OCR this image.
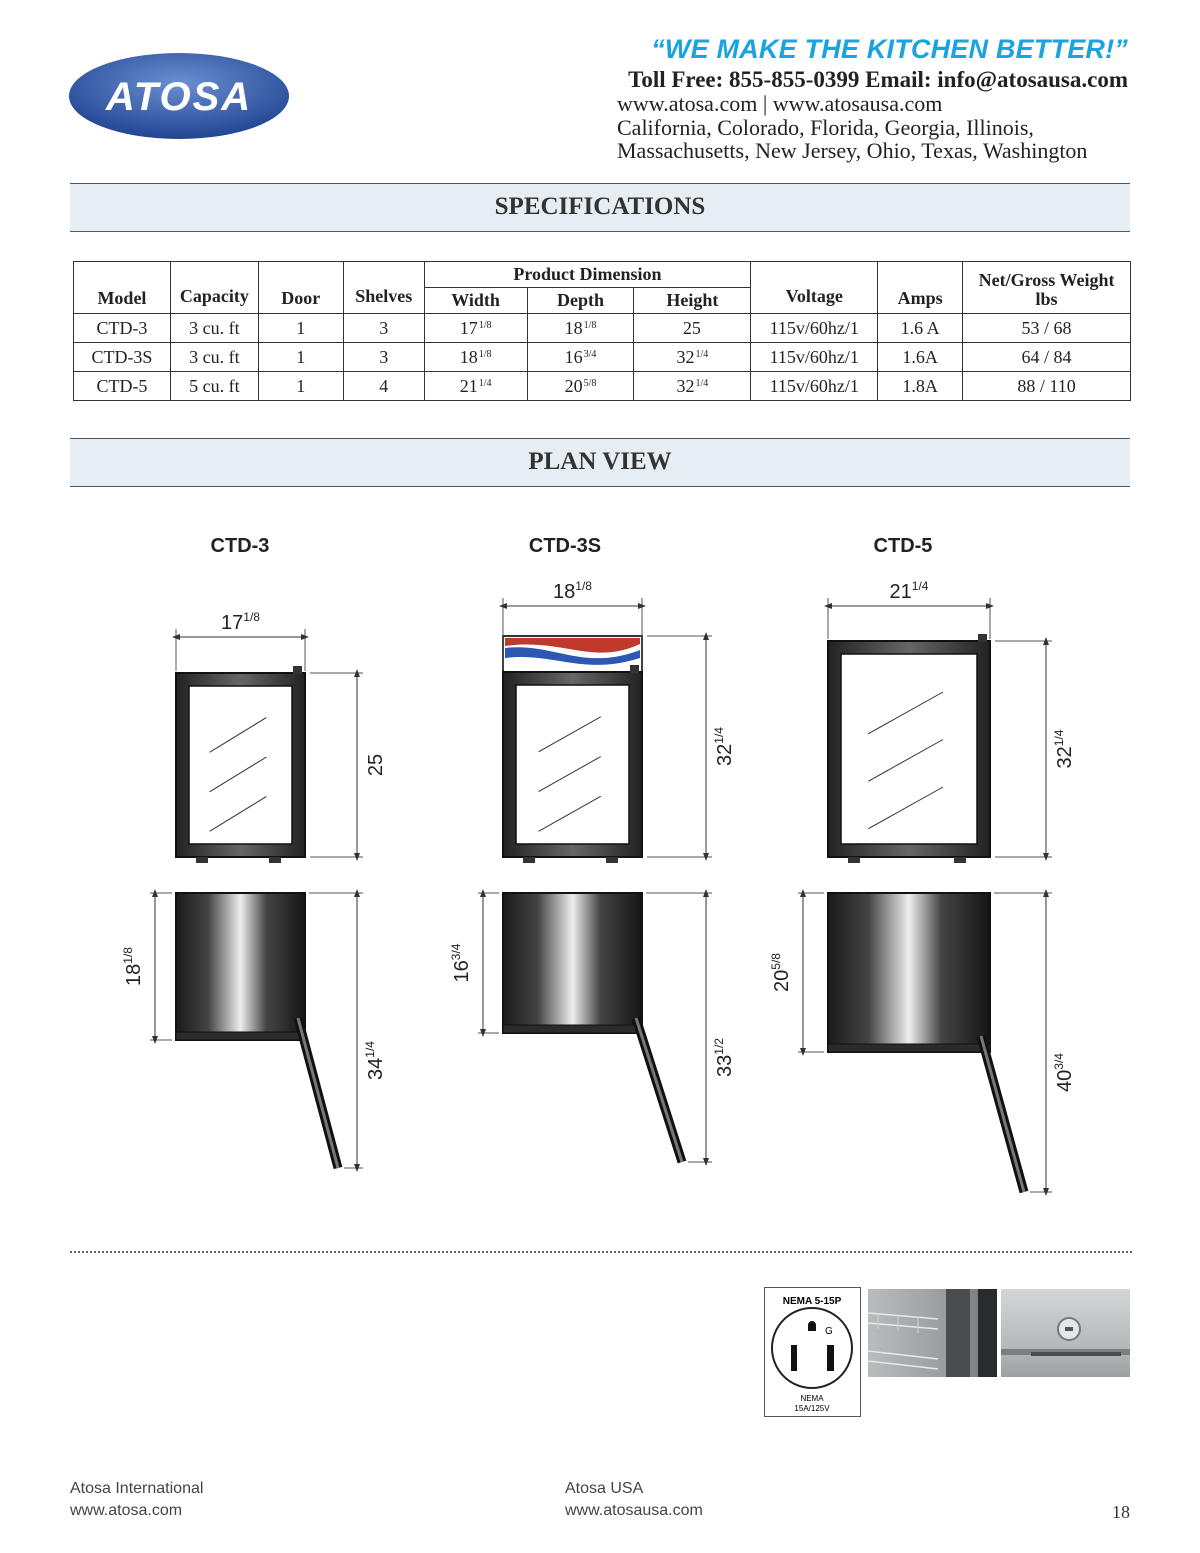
ATOSA
“WE MAKE THE KITCHEN BETTER!”
Toll Free: 855-855-0399 Email: info@atosausa.com
www.atosa.com | www.atosausa.com
California, Colorado, Florida, Georgia, Illinois,
Massachusetts, New Jersey, Ohio, Texas, Washington
SPECIFICATIONS
Model	Capacity	Door	Shelves	Product Dimension			Voltage	Amps	Net/Gross Weight
lbs

				Width	Depth	Height			
CTD-3	3 cu. ft	1	3	$17^{1/8}$	$18^{1/8}$	25	115v/60hz/1	1.6 A	53 / 68
CTD-3S	3 cu. ft	1	3	$18^{1/8}$	$16^{3/4}$	$32^{1/4}$	115v/60hz/1	1.6A	64 / 84
CTD-5	5 cu. ft	1	4	$21^{1/4}$	$20^{5/8}$	$32^{1/4}$	115v/60hz/1	1.8A	88 / 110
PLAN VIEW
CTD-3
$17^{1/8}$
25
$18^{1/8}$
$34^{1/4}$
CTD-3S
$18^{1/8}$
$32^{1/4}$
$16^{3/4}$
$33^{1/2}$
CTD-5
$21^{1/4}$
$32^{1/4}$
$20^{5/8}$
$40^{3/4}$
NEMA 5-15P
G
NEMA
15A/125V
Atosa International
www.atosa.com
Atosa USA
www.atosausa.com	18
